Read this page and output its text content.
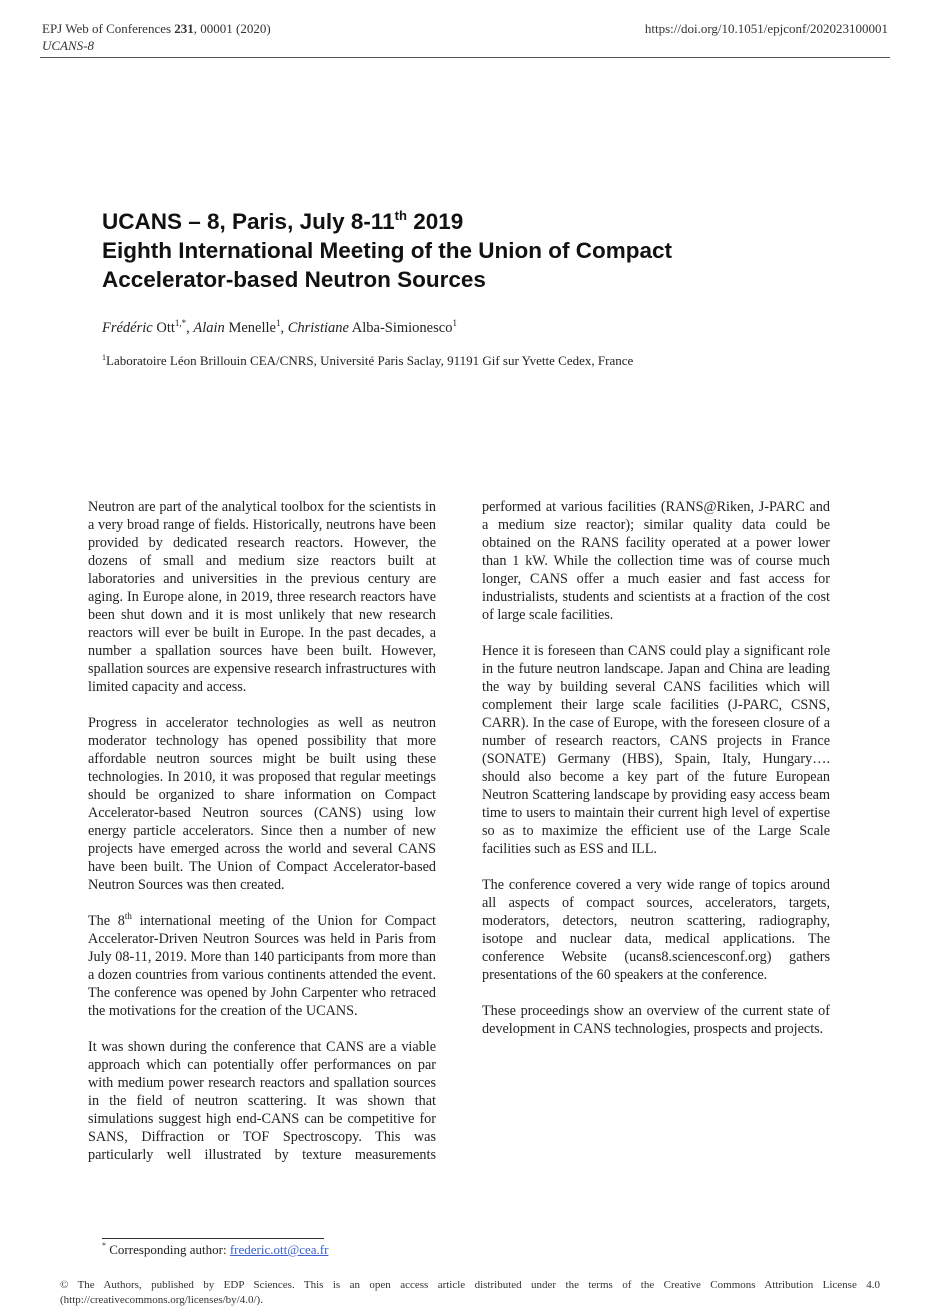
EPJ Web of Conferences 231, 00001 (2020)
UCANS-8
https://doi.org/10.1051/epjconf/202023100001
UCANS – 8, Paris, July 8-11th 2019
Eighth International Meeting of the Union of Compact
Accelerator-based Neutron Sources
Frédéric Ott$^{1,*}$, Alain Menelle$^1$, Christiane Alba-Simionesco$^1$
$^1$Laboratoire Léon Brillouin CEA/CNRS, Université Paris Saclay, 91191 Gif sur Yvette Cedex, France

Neutron are part of the analytical toolbox for the scientists in a very broad range of fields. Historically, neutrons have been provided by dedicated research reactors. However, the dozens of small and medium size reactors built at laboratories and universities in the previous century are aging. In Europe alone, in 2019, three research reactors have been shut down and it is most unlikely that new research reactors will ever be built in Europe. In the past decades, a number a spallation sources have been built. However, spallation sources are expensive research infrastructures with limited capacity and access.

Progress in accelerator technologies as well as neutron moderator technology has opened possibility that more affordable neutron sources might be built using these technologies. In 2010, it was proposed that regular meetings should be organized to share information on Compact Accelerator-based Neutron sources (CANS) using low energy particle accelerators. Since then a number of new projects have emerged across the world and several CANS have been built. The Union of Compact Accelerator-based Neutron Sources was then created.

The 8th international meeting of the Union for Compact Accelerator-Driven Neutron Sources was held in Paris from July 08-11, 2019. More than 140 participants from more than a dozen countries from various continents attended the event. The conference was opened by John Carpenter who retraced the motivations for the creation of the UCANS.

It was shown during the conference that CANS are a viable approach which can potentially offer performances on par with medium power research reactors and spallation sources in the field of neutron scattering. It was shown that simulations suggest high end-CANS can be competitive for SANS, Diffraction or TOF Spectroscopy. This was particularly well illustrated by texture measurements

performed at various facilities (RANS@Riken, J-PARC and a medium size reactor); similar quality data could be obtained on the RANS facility operated at a power lower than 1 kW. While the collection time was of course much longer, CANS offer a much easier and fast access for industrialists, students and scientists at a fraction of the cost of large scale facilities.

Hence it is foreseen than CANS could play a significant role in the future neutron landscape. Japan and China are leading the way by building several CANS facilities which will complement their large scale facilities (J-PARC, CSNS, CARR). In the case of Europe, with the foreseen closure of a number of research reactors, CANS projects in France (SONATE) Germany (HBS), Spain, Italy, Hungary…. should also become a key part of the future European Neutron Scattering landscape by providing easy access beam time to users to maintain their current high level of expertise so as to maximize the efficient use of the Large Scale facilities such as ESS and ILL.

The conference covered a very wide range of topics around all aspects of compact sources, accelerators, targets, moderators, detectors, neutron scattering, radiography, isotope and nuclear data, medical applications. The conference Website (ucans8.sciencesconf.org) gathers presentations of the 60 speakers at the conference.

These proceedings show an overview of the current state of development in CANS technologies, prospects and projects.

* Corresponding author: frederic.ott@cea.fr
© The Authors, published by EDP Sciences. This is an open access article distributed under the terms of the Creative Commons Attribution License 4.0 (http://creativecommons.org/licenses/by/4.0/).
